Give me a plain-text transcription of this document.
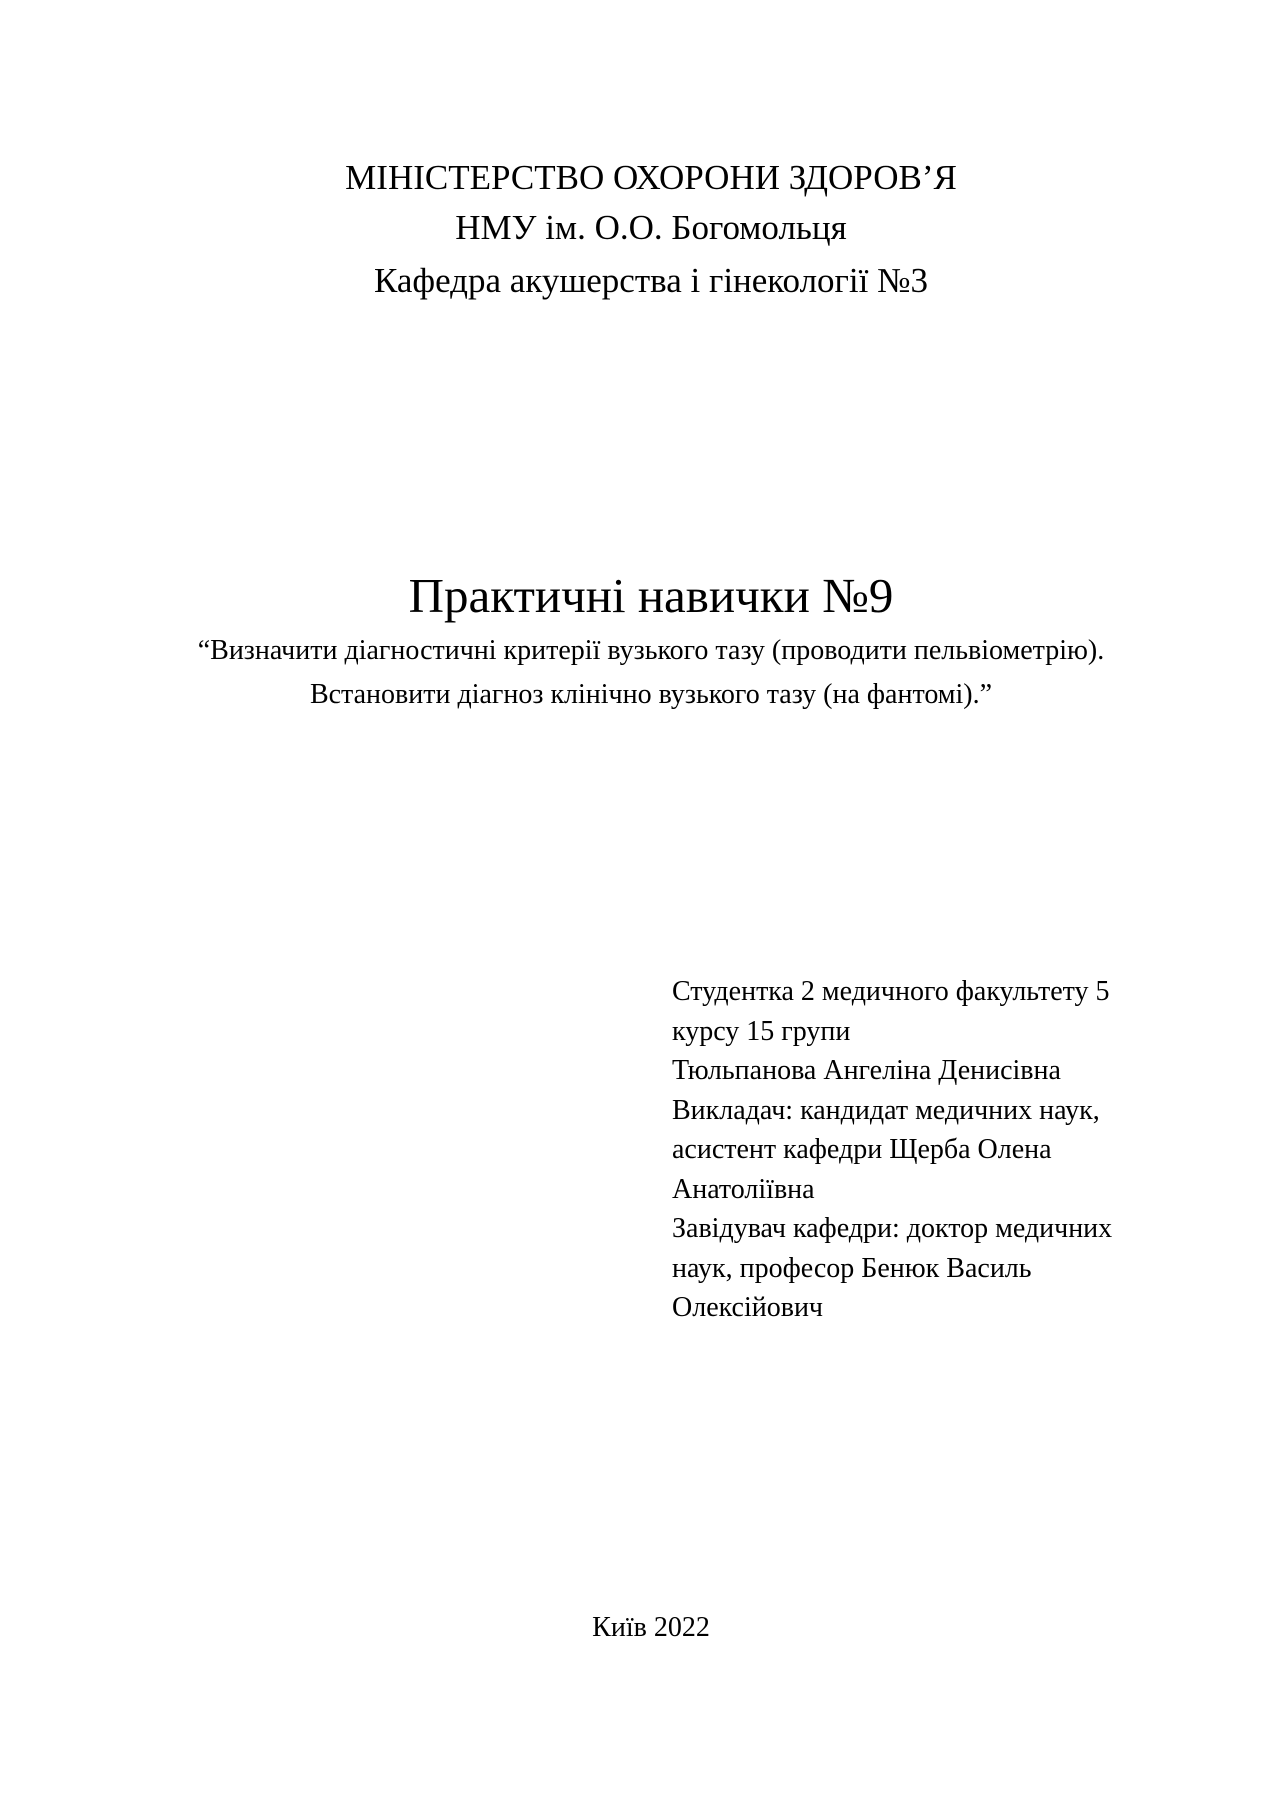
МІНІСТЕРСТВО ОХОРОНИ ЗДОРОВ’Я
НМУ ім. О.О. Богомольця
Кафедра акушерства і гінекології №3
Практичні навички №9
“Визначити діагностичні критерії вузького тазу (проводити пельвіометрію).
Встановити діагноз клінічно вузького тазу (на фантомі).”
Студентка 2 медичного факультету 5
курсу 15 групи
Тюльпанова Ангеліна Денисівна
Викладач: кандидат медичних наук,
асистент кафедри Щерба Олена
Анатоліївна
Завідувач кафедри: доктор медичних
наук, професор Бенюк Василь
Олексійович
Київ 2022
